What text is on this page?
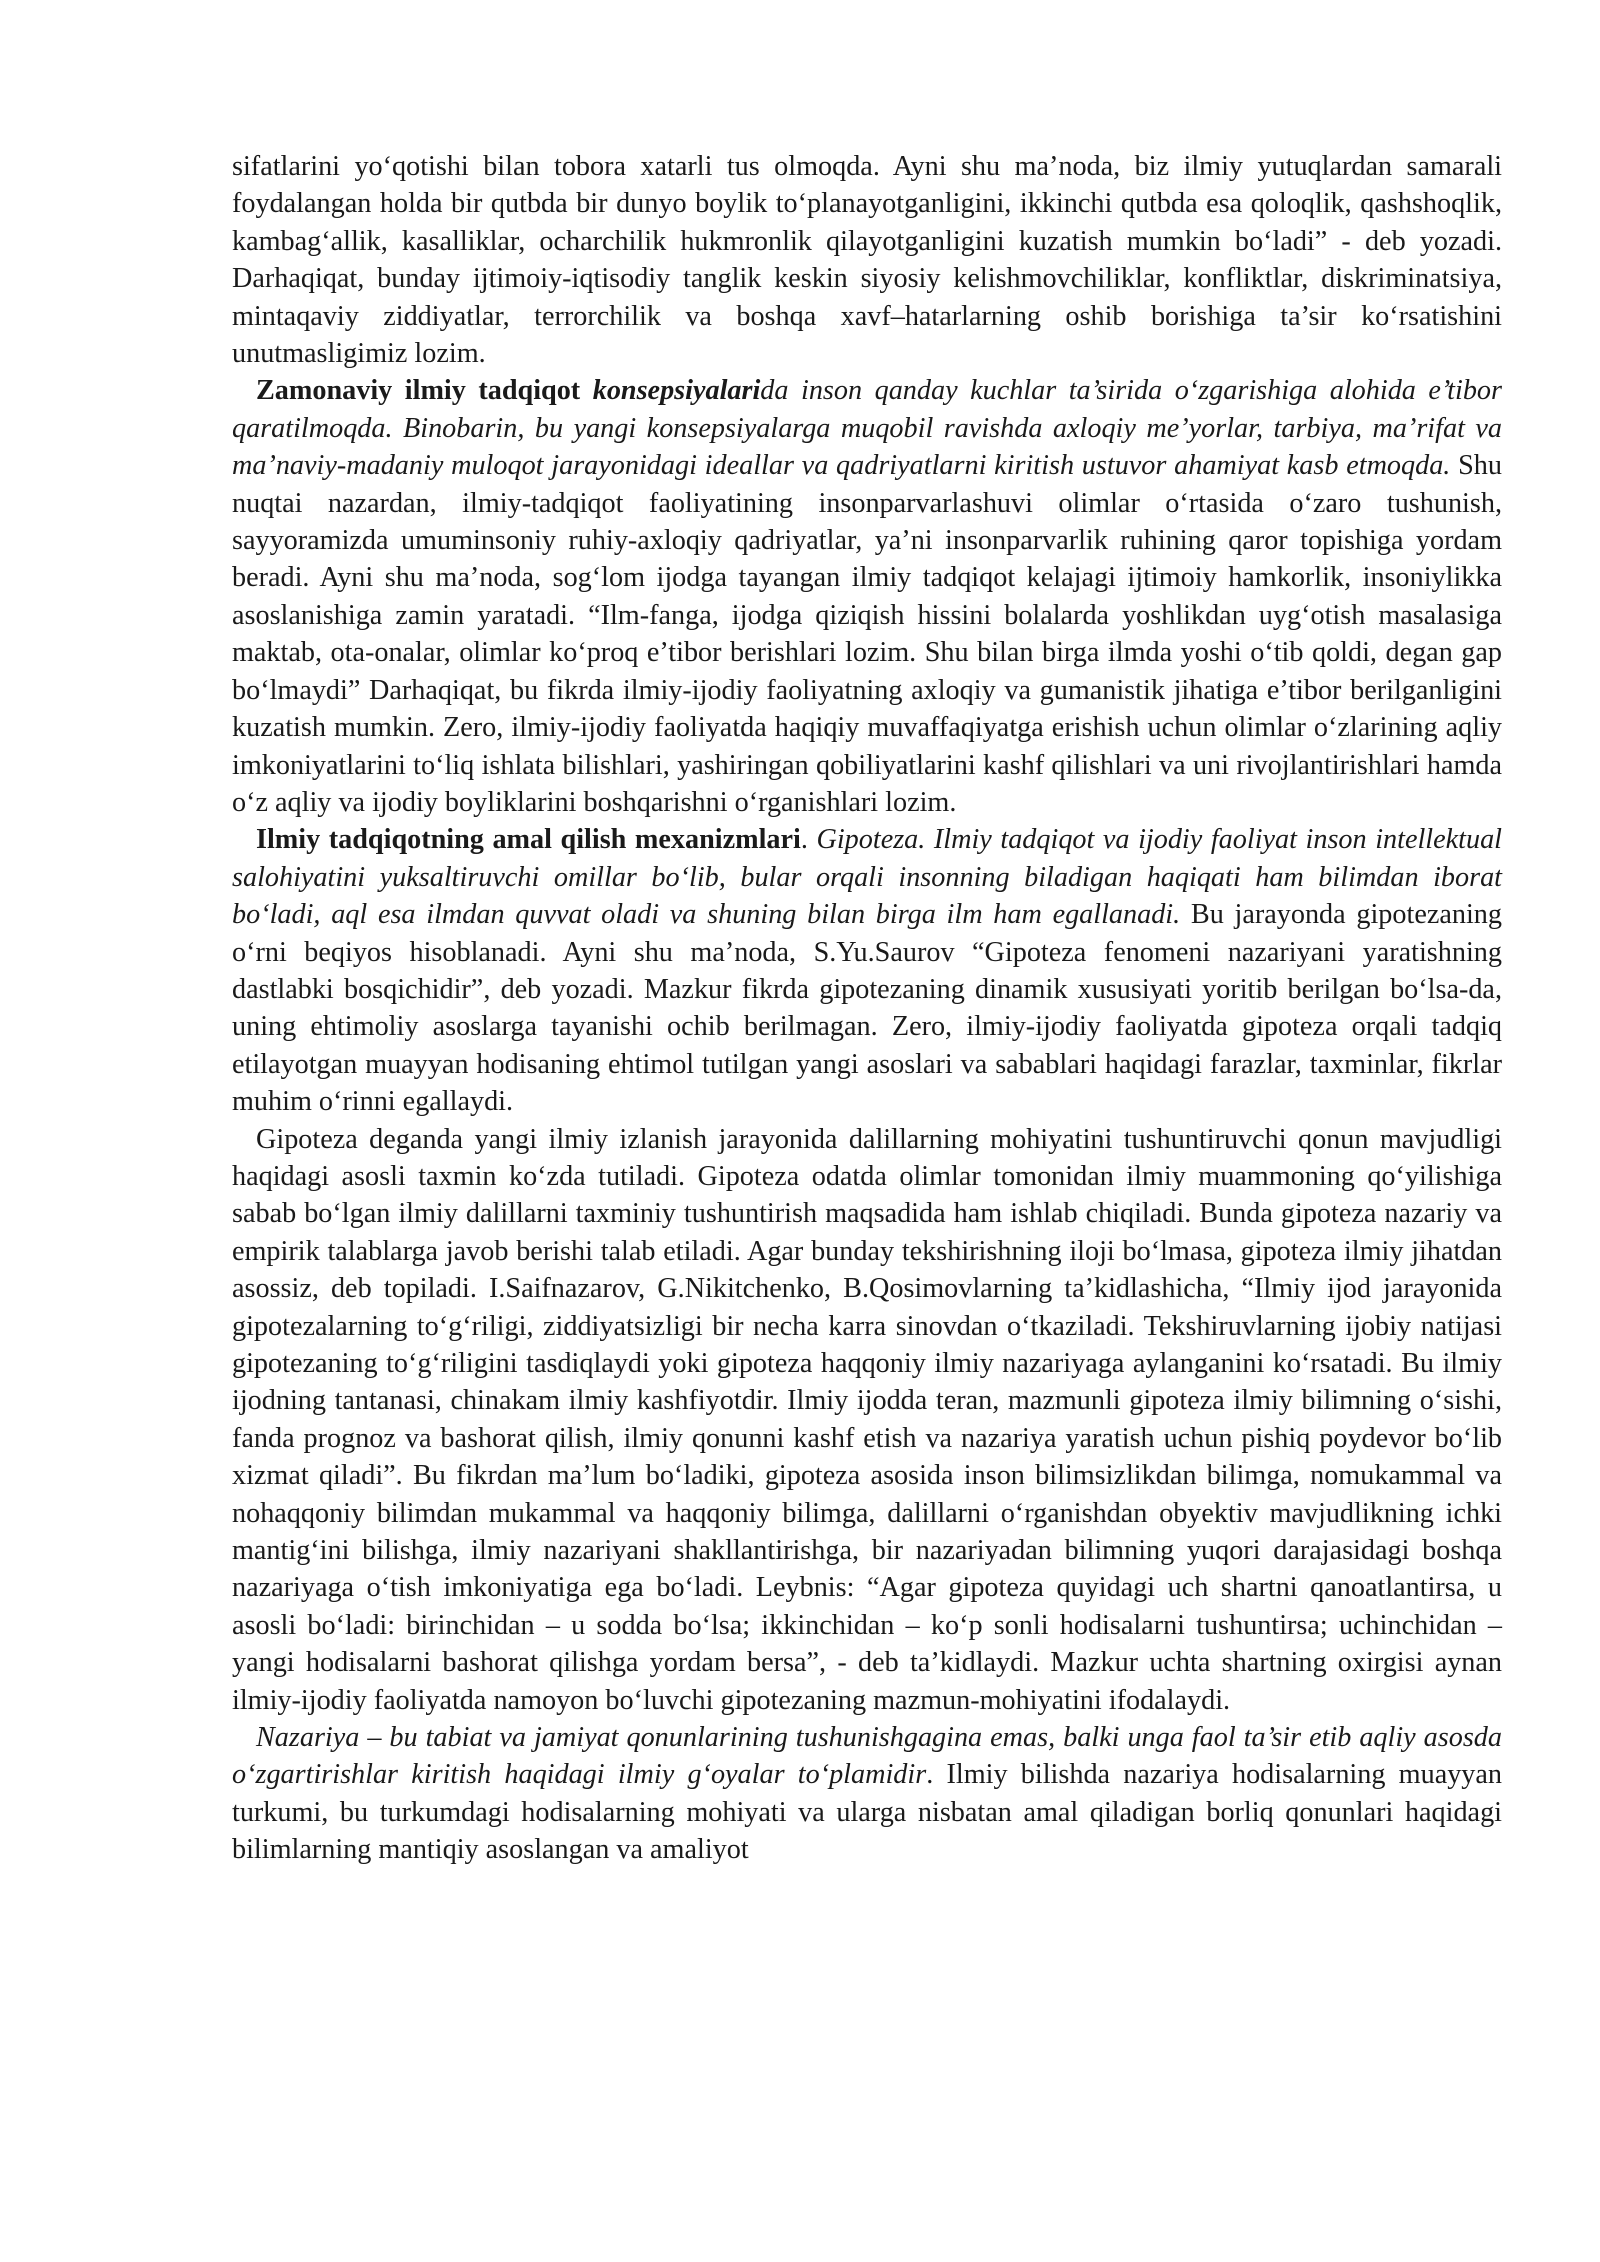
sifatlarini yo‘qotishi bilan tobora xatarli tus olmoqda. Ayni shu ma’noda, biz ilmiy yutuqlardan samarali foydalangan holda bir qutbda bir dunyo boylik to‘planayotganligini, ikkinchi qutbda esa qoloqlik, qashshoqlik, kambag‘allik, kasalliklar, ocharchilik hukmronlik qilayotganligini kuzatish mumkin bo‘ladi” - deb yozadi. Darhaqiqat, bunday ijtimoiy-iqtisodiy tanglik keskin siyosiy kelishmovchiliklar, konfliktlar, diskriminatsiya, mintaqaviy ziddiyatlar, terrorchilik va boshqa xavf–hatarlarning oshib borishiga ta’sir ko‘rsatishini unutmasligimiz lozim.

Zamonaviy ilmiy tadqiqot konsepsiyalarida inson qanday kuchlar ta’sirida o‘zgarishiga alohida e’tibor qaratilmoqda. Binobarin, bu yangi konsepsiyalarga muqobil ravishda axloqiy me’yorlar, tarbiya, ma’rifat va ma’naviy-madaniy muloqot jarayonidagi ideallar va qadriyatlarni kiritish ustuvor ahamiyat kasb etmoqda. Shu nuqtai nazardan, ilmiy-tadqiqot faoliyatining insonparvarlashuvi olimlar o‘rtasida o‘zaro tushunish, sayyoramizda umuminsoniy ruhiy-axloqiy qadriyatlar, ya’ni insonparvarlik ruhining qaror topishiga yordam beradi. Ayni shu ma’noda, sog‘lom ijodga tayangan ilmiy tadqiqot kelajagi ijtimoiy hamkorlik, insoniylikka asoslanishiga zamin yaratadi. “Ilm-fanga, ijodga qiziqish hissini bolalarda yoshlikdan uyg‘otish masalasiga maktab, ota-onalar, olimlar ko‘proq e’tibor berishlari lozim. Shu bilan birga ilmda yoshi o‘tib qoldi, degan gap bo‘lmaydi” Darhaqiqat, bu fikrda ilmiy-ijodiy faoliyatning axloqiy va gumanistik jihatiga e’tibor berilganligini kuzatish mumkin. Zero, ilmiy-ijodiy faoliyatda haqiqiy muvaffaqiyatga erishish uchun olimlar o‘zlarining aqliy imkoniyatlarini to‘liq ishlata bilishlari, yashiringan qobiliyatlarini kashf qilishlari va uni rivojlantirishlari hamda o‘z aqliy va ijodiy boyliklarini boshqarishni o‘rganishlari lozim.

Ilmiy tadqiqotning amal qilish mexanizmlari. Gipoteza. Ilmiy tadqiqot va ijodiy faoliyat inson intellektual salohiyatini yuksaltiruvchi omillar bo‘lib, bular orqali insonning biladigan haqiqati ham bilimdan iborat bo‘ladi, aql esa ilmdan quvvat oladi va shuning bilan birga ilm ham egallanadi. Bu jarayonda gipotezaning o‘rni beqiyos hisoblanadi. Ayni shu ma’noda, S.Yu.Saurov “Gipoteza fenomeni nazariyani yaratishning dastlabki bosqichidir”, deb yozadi. Mazkur fikrda gipotezaning dinamik xususiyati yoritib berilgan bo‘lsa-da, uning ehtimoliy asoslarga tayanishi ochib berilmagan. Zero, ilmiy-ijodiy faoliyatda gipoteza orqali tadqiq etilayotgan muayyan hodisaning ehtimol tutilgan yangi asoslari va sabablari haqidagi farazlar, taxminlar, fikrlar muhim o‘rinni egallaydi.

Gipoteza deganda yangi ilmiy izlanish jarayonida dalillarning mohiyatini tushuntiruvchi qonun mavjudligi haqidagi asosli taxmin ko‘zda tutiladi. Gipoteza odatda olimlar tomonidan ilmiy muammoning qo‘yilishiga sabab bo‘lgan ilmiy dalillarni taxminiy tushuntirish maqsadida ham ishlab chiqiladi. Bunda gipoteza nazariy va empirik talablarga javob berishi talab etiladi. Agar bunday tekshirishning iloji bo‘lmasa, gipoteza ilmiy jihatdan asossiz, deb topiladi. I.Saifnazarov, G.Nikitchenko, B.Qosimovlarning ta’kidlashicha, “Ilmiy ijod jarayonida gipotezalarning to‘g‘riligi, ziddiyatsizligi bir necha karra sinovdan o‘tkaziladi. Tekshiruvlarning ijobiy natijasi gipotezaning to‘g‘riligini tasdiqlaydi yoki gipoteza haqqoniy ilmiy nazariyaga aylanganini ko‘rsatadi. Bu ilmiy ijodning tantanasi, chinakam ilmiy kashfiyotdir. Ilmiy ijodda teran, mazmunli gipoteza ilmiy bilimning o‘sishi, fanda prognoz va bashorat qilish, ilmiy qonunni kashf etish va nazariya yaratish uchun pishiq poydevor bo‘lib xizmat qiladi”. Bu fikrdan ma’lum bo‘ladiki, gipoteza asosida inson bilimsizlikdan bilimga, nomukammal va nohaqqoniy bilimdan mukammal va haqqoniy bilimga, dalillarni o‘rganishdan obyektiv mavjudlikning ichki mantig‘ini bilishga, ilmiy nazariyani shakllantirishga, bir nazariyadan bilimning yuqori darajasidagi boshqa nazariyaga o‘tish imkoniyatiga ega bo‘ladi. Leybnis: “Agar gipoteza quyidagi uch shartni qanoatlantirsa, u asosli bo‘ladi: birinchidan – u sodda bo‘lsa; ikkinchidan – ko‘p sonli hodisalarni tushuntirsa; uchinchidan – yangi hodisalarni bashorat qilishga yordam bersa”, - deb ta’kidlaydi. Mazkur uchta shartning oxirgisi aynan ilmiy-ijodiy faoliyatda namoyon bo‘luvchi gipotezaning mazmun-mohiyatini ifodalaydi.

Nazariya – bu tabiat va jamiyat qonunlarining tushunishgagina emas, balki unga faol ta’sir etib aqliy asosda o‘zgartirishlar kiritish haqidagi ilmiy g‘oyalar to‘plamidir. Ilmiy bilishda nazariya hodisalarning muayyan turkumi, bu turkumdagi hodisalarning mohiyati va ularga nisbatan amal qiladigan borliq qonunlari haqidagi bilimlarning mantiqiy asoslangan va amaliyot
